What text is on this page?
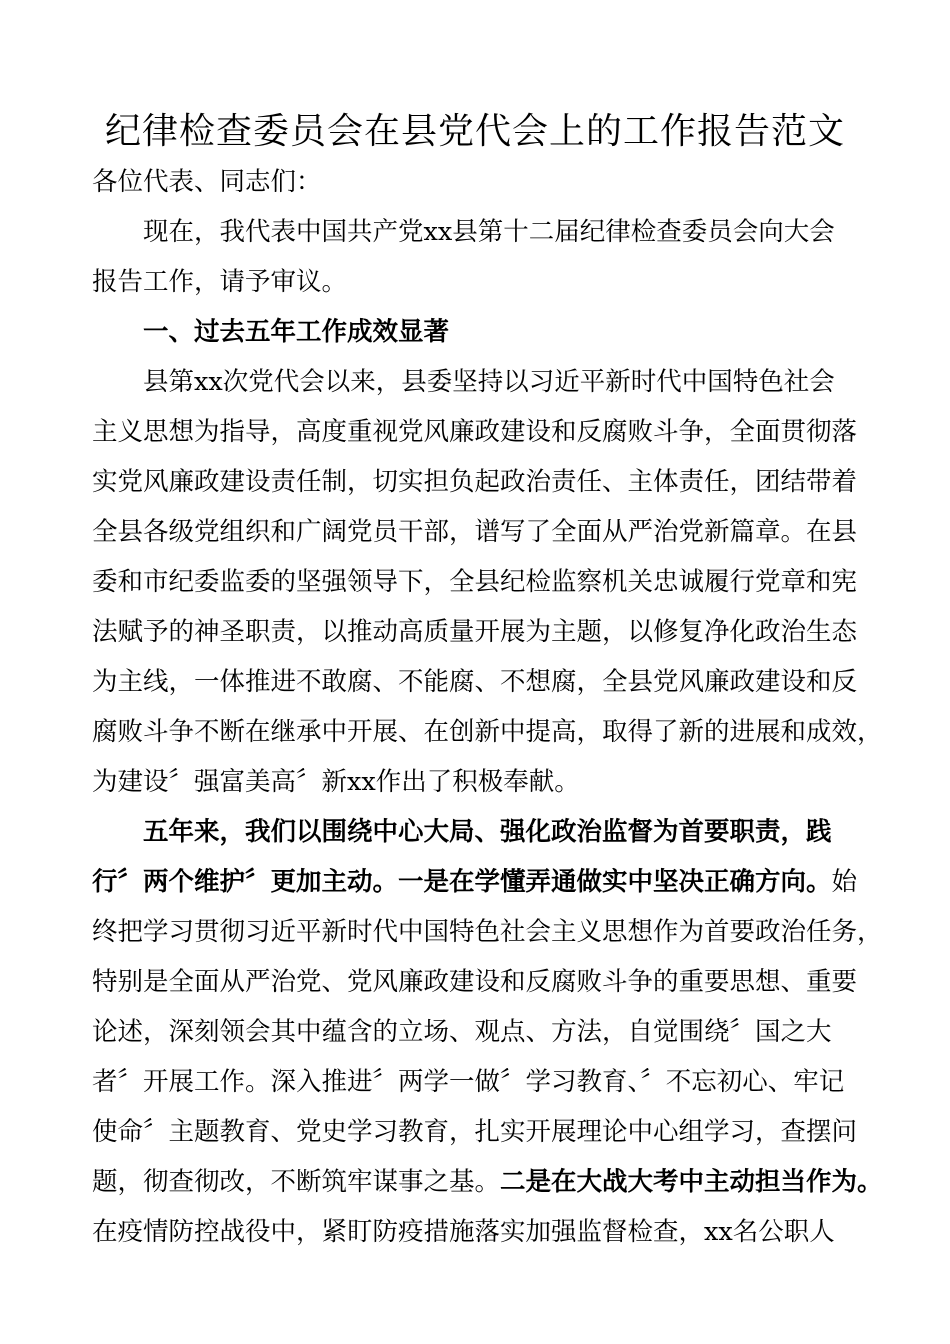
纪律检查委员会在县党代会上的工作报告范文
各位代表、同志们：
　　现在，我代表中国共产党xx县第十二届纪律检查委员会向大会
报告工作，请予审议。
　　一、过去五年工作成效显著
　　县第xx次党代会以来，县委坚持以习近平新时代中国特色社会
主义思想为指导，高度重视党风廉政建设和反腐败斗争，全面贯彻落
实党风廉政建设责任制，切实担负起政治责任、主体责任，团结带着
全县各级党组织和广阔党员干部，谱写了全面从严治党新篇章。在县
委和市纪委监委的坚强领导下，全县纪检监察机关忠诚履行党章和宪
法赋予的神圣职责，以推动高质量开展为主题，以修复净化政治生态
为主线，一体推进不敢腐、不能腐、不想腐，全县党风廉政建设和反
腐败斗争不断在继承中开展、在创新中提高，取得了新的进展和成效，
为建设〞强富美高〞新xx作出了积极奉献。
　　五年来，我们以围绕中心大局、强化政治监督为首要职责，践
行〞两个维护〞更加主动。一是在学懂弄通做实中坚决正确方向。始
终把学习贯彻习近平新时代中国特色社会主义思想作为首要政治任务，
特别是全面从严治党、党风廉政建设和反腐败斗争的重要思想、重要
论述，深刻领会其中蕴含的立场、观点、方法，自觉围绕〞国之大
者〞开展工作。深入推进〞两学一做〞学习教育、〞不忘初心、牢记
使命〞主题教育、党史学习教育，扎实开展理论中心组学习，查摆问
题，彻查彻改，不断筑牢谋事之基。二是在大战大考中主动担当作为。
在疫情防控战役中，紧盯防疫措施落实加强监督检查，xx名公职人
